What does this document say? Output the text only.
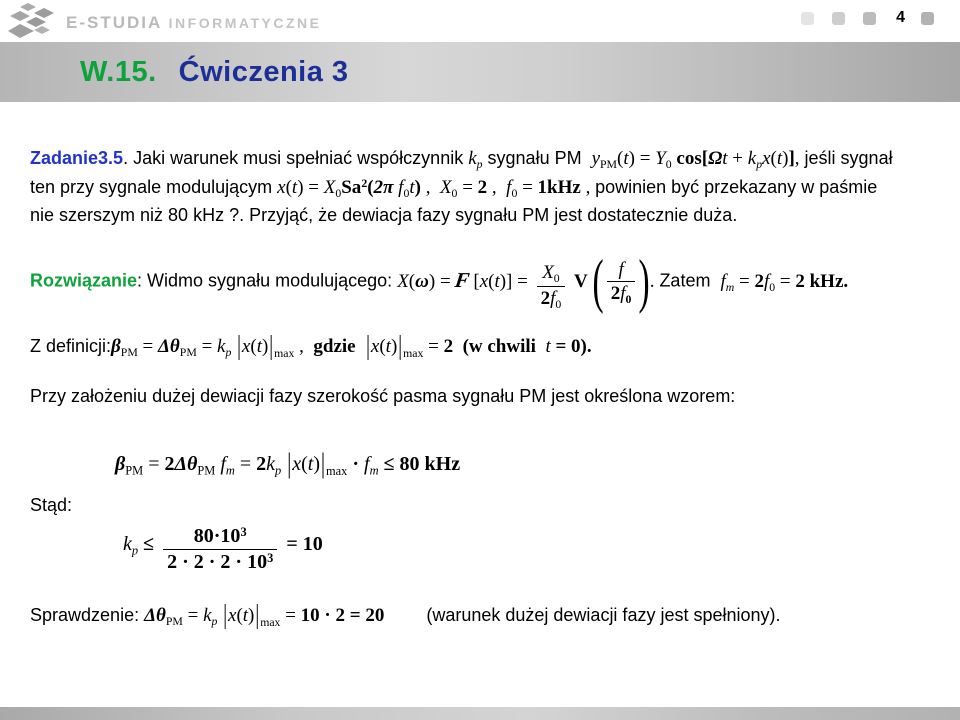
E-STUDIA INFORMATYCZNE	4
W.15. Ćwiczenia 3

Zadanie3.5. Jaki warunek musi spełniać współczynnik $k_p$ sygnału PM  $y_{PM}(t) = Y_0$ $\cos[\Omega t + k_px(t)]$, jeśli sygnał

ten przy sygnale modulującym $x(t) = X_0Sa^2(2\pi$ $f_0t$) ,  $X_0 = 2$ ,  $f_0 = 1kHz$ , powinien być przekazany w paśmie

nie szerszym niż 80 kHz ?. Przyjąć, że dewiacja fazy sygnału PM jest dostatecznie duża.

Rozwiązanie: Widmo sygnału modulującego: X(ω) = F $[x(t)] = \frac{X_0}{2f_0}$ V ( $\frac{f}{2f_0}$ ) . Zatem  $f_m = 2f_0 = 2$ kHz.

Z $definicji:\beta_{PM} = \Delta\theta_{PM} = k_p$ |x(t)|max ,  gdzie |x(t)|max = 2 (w chwili  t = 0).

Przy założeniu dużej dewiacji fazy szerokość pasma sygnału PM jest określona wzorem:

$\beta_{PM} = 2\Delta\theta_{PM}$ $f_m = 2k_p$ $|x(t)|\max \cdot f_m \le 80$ kHz

Stąd:

$k_p \le \frac{80\cdot 10^3}{2 \cdot 2 \cdot 2 \cdot 10^3} = 10$

Sprawdzenie: $\Delta\theta_{PM} = k_p$ |x(t)|max = 10 · 2 = 20 (warunek dużej dewiacji fazy jest spełniony).
